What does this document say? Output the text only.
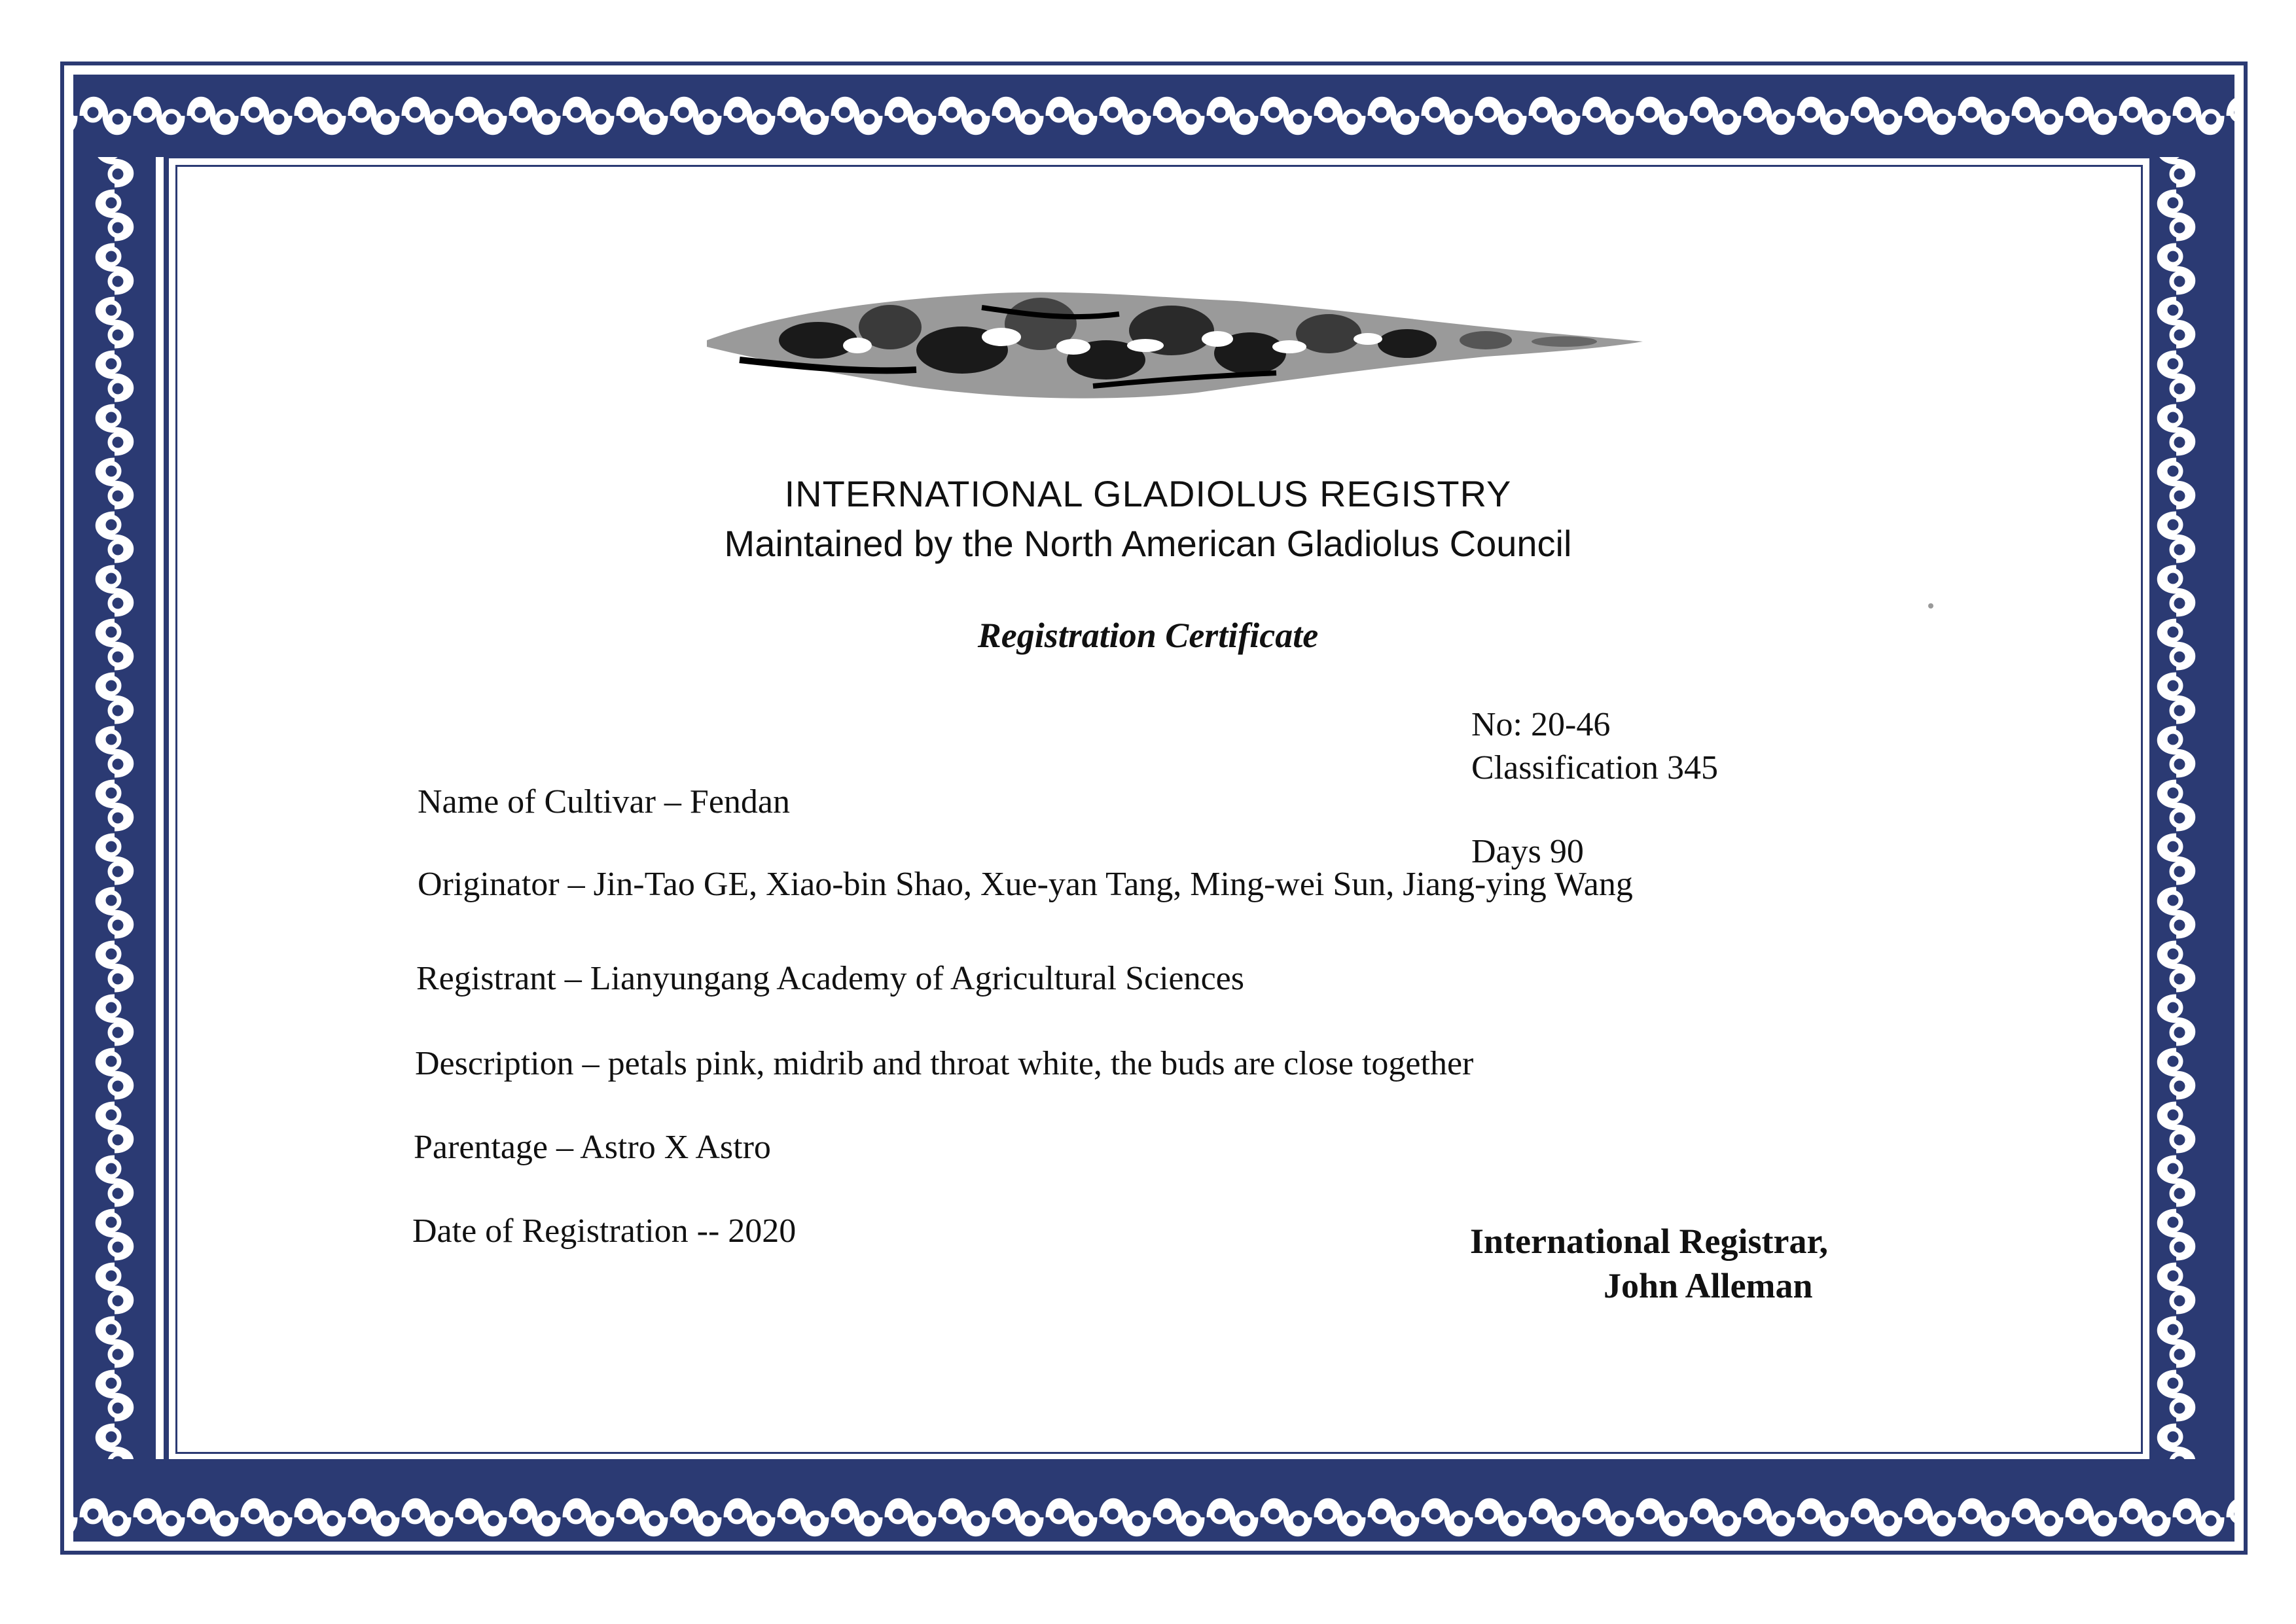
INTERNATIONAL GLADIOLUS REGISTRY
Maintained by the North American Gladiolus Council
Registration Certificate
No: 20-46
Classification 345
Days 90
Name of Cultivar – Fendan
Originator – Jin-Tao GE, Xiao-bin Shao, Xue-yan Tang, Ming-wei Sun, Jiang-ying Wang
Registrant – Lianyungang Academy of Agricultural Sciences
Description – petals pink, midrib and throat white, the buds are close together
Parentage – Astro X Astro
Date of Registration -- 2020	International Registrar,
John Alleman
